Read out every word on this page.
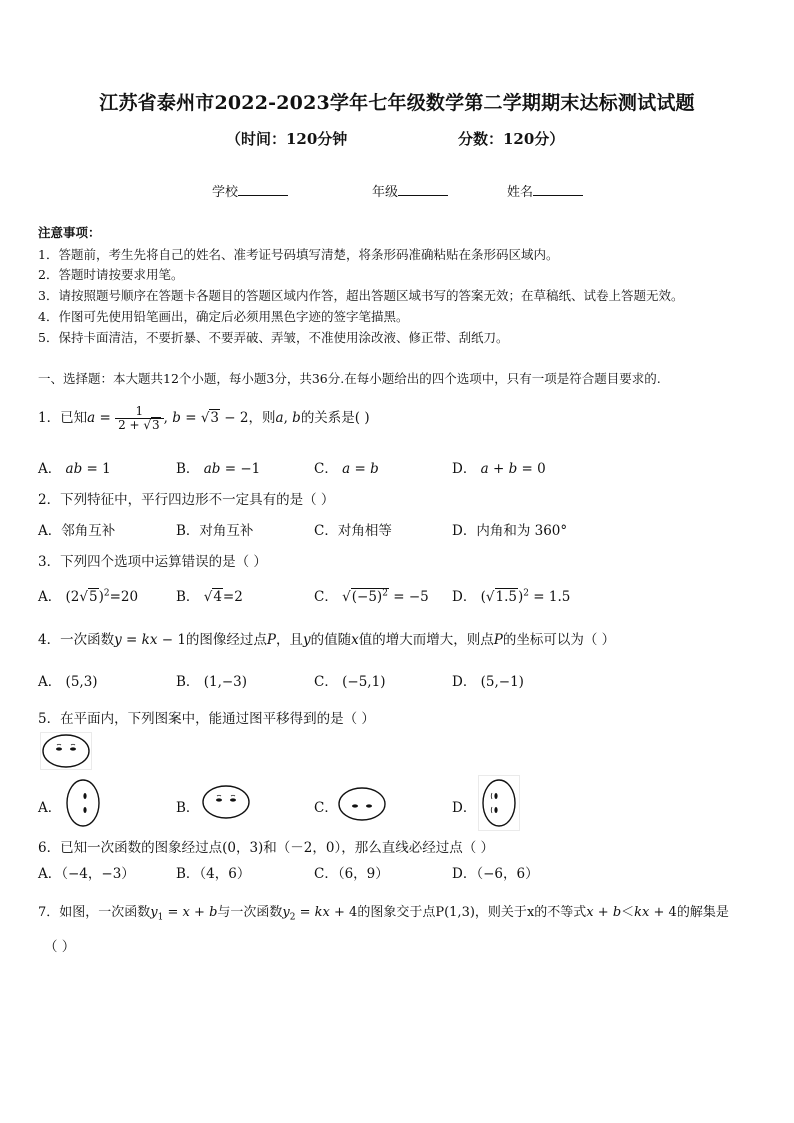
江苏省泰州市2022-2023学年七年级数学第二学期期末达标测试试题
（时间：120分钟	分数：120分）
学校	年级	姓名
注意事项：
1．答题前，考生先将自己的姓名、准考证号码填写清楚，将条形码准确粘贴在条形码区域内。
2．答题时请按要求用笔。
3．请按照题号顺序在答题卡各题目的答题区域内作答，超出答题区域书写的答案无效；在草稿纸、试卷上答题无效。
4．作图可先使用铅笔画出，确定后必须用黑色字迹的签字笔描黑。
5．保持卡面清洁，不要折暴、不要弄破、弄皱，不准使用涂改液、修正带、刮纸刀。
一、选择题：本大题共12个小题，每小题3分，共36分.在每小题给出的四个选项中，只有一项是符合题目要求的.
1．已知$a = \frac{1}{2 + √3}$ , b = √3 − 2，则a, b的关系是( )
A． ab = 1	B． ab = −1	C． a = b	D． a + b = 0
2．下列特征中，平行四边形不一定具有的是（ ）
A．邻角互补	B．对角互补	C．对角相等	D．内角和为 360°
3．下列四个选项中运算错误的是（ ）
A． $(2√5)^2=20$	B． √4=2	C． $√(-5)^2 = -5$ D． $(√1.5)^2 = 1.5$
4．一次函数y = kx − 1的图像经过点P，且y的值随x值的增大而增大，则点P的坐标可以为（ ）
A． (5,3)	B． (1,−3)	C． (−5,1)	D． (5,−1)
5．在平面内，下列图案中，能通过图平移得到的是（ ）
A．	B．	C．	D．
6．已知一次函数的图象经过点(0，3)和（－2，0），那么直线必经过点（ ）
A．（−4，−3）	B．（4，6）	C．（6，9）	D．（−6，6）
7．如图，一次函数$y_1 = x + b$与一次函数$y_2$ = kx + 4的图象交于点P(1,3)，则关于x的不等式x + b＜kx + 4的解集是
（ ）
